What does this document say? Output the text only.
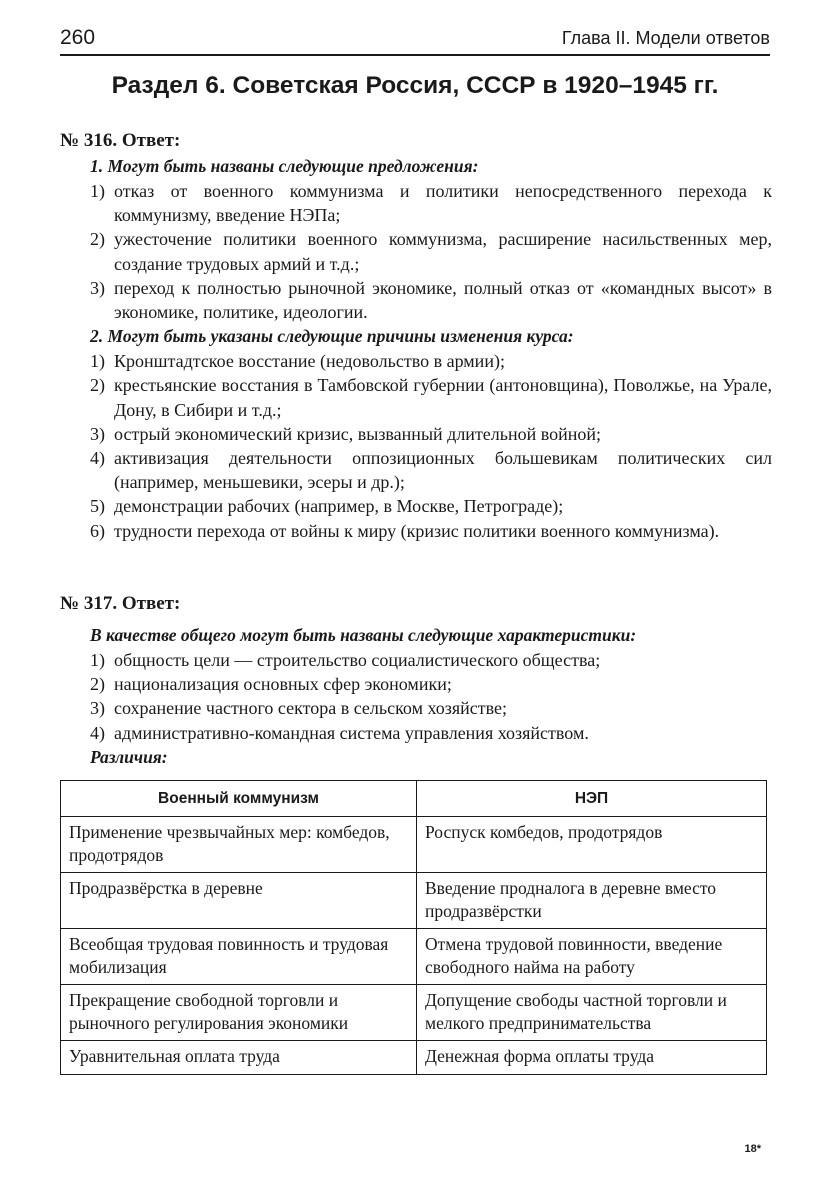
260	Глава II. Модели ответов
Раздел 6. Советская Россия, СССР в 1920–1945 гг.
№ 316. Ответ:
1. Могут быть названы следующие предложения:
1) отказ от военного коммунизма и политики непосредственного перехода к коммунизму, введение НЭПа;
2) ужесточение политики военного коммунизма, расширение насильственных мер, создание трудовых армий и т.д.;
3) переход к полностью рыночной экономике, полный отказ от «командных высот» в экономике, политике, идеологии.
2. Могут быть указаны следующие причины изменения курса:
1) Кронштадтское восстание (недовольство в армии);
2) крестьянские восстания в Тамбовской губернии (антоновщина), Поволжье, на Урале, Дону, в Сибири и т.д.;
3) острый экономический кризис, вызванный длительной войной;
4) активизация деятельности оппозиционных большевикам политических сил (например, меньшевики, эсеры и др.);
5) демонстрации рабочих (например, в Москве, Петрограде);
6) трудности перехода от войны к миру (кризис политики военного коммунизма).
№ 317. Ответ:
В качестве общего могут быть названы следующие характеристики:
1) общность цели — строительство социалистического общества;
2) национализация основных сфер экономики;
3) сохранение частного сектора в сельском хозяйстве;
4) административно-командная система управления хозяйством.
Различия:
Военный коммунизм	НЭП
Применение чрезвычайных мер: комбедов, продотрядов	Роспуск комбедов, продотрядов
Продразвёрстка в деревне	Введение продналога в деревне вместо продразвёрстки
Всеобщая трудовая повинность и трудовая мобилизация	Отмена трудовой повинности, введение свободного найма на работу
Прекращение свободной торговли и рыночного регулирования экономики	Допущение свободы частной торговли и мелкого предпринимательства
Уравнительная оплата труда	Денежная форма оплаты труда
18*
